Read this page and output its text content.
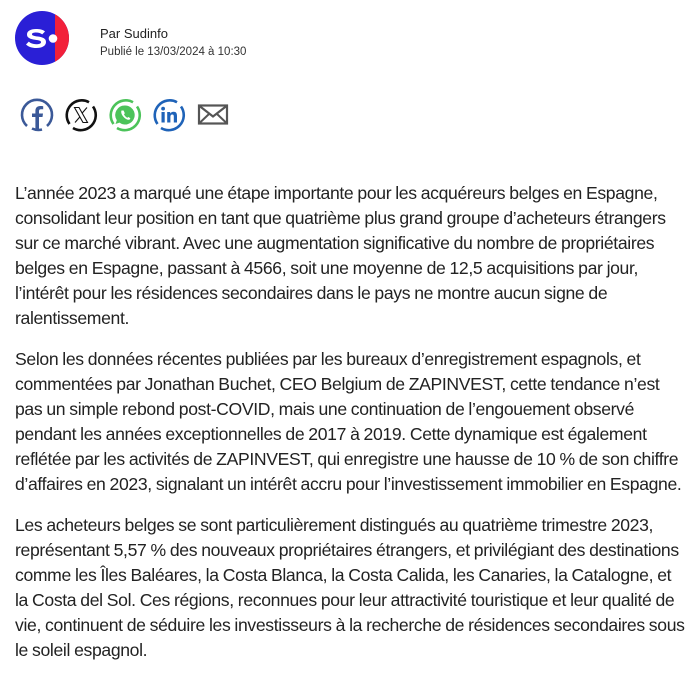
Par Sudinfo
Publié le 13/03/2024 à 10:30

L’année 2023 a marqué une étape importante pour les acquéreurs belges en Espagne, consolidant leur position en tant que quatrième plus grand groupe d’acheteurs étrangers sur ce marché vibrant. Avec une augmentation significative du nombre de propriétaires belges en Espagne, passant à 4566, soit une moyenne de 12,5 acquisitions par jour, l’intérêt pour les résidences secondaires dans le pays ne montre aucun signe de ralentissement.

Selon les données récentes publiées par les bureaux d’enregistrement espagnols, et commentées par Jonathan Buchet, CEO Belgium de ZAPINVEST, cette tendance n’est pas un simple rebond post-COVID, mais une continuation de l’engouement observé pendant les années exceptionnelles de 2017 à 2019. Cette dynamique est également reflétée par les activités de ZAPINVEST, qui enregistre une hausse de 10 % de son chiffre d’affaires en 2023, signalant un intérêt accru pour l’investissement immobilier en Espagne.

Les acheteurs belges se sont particulièrement distingués au quatrième trimestre 2023, représentant 5,57 % des nouveaux propriétaires étrangers, et privilégiant des destinations comme les Îles Baléares, la Costa Blanca, la Costa Calida, les Canaries, la Catalogne, et la Costa del Sol. Ces régions, reconnues pour leur attractivité touristique et leur qualité de vie, continuent de séduire les investisseurs à la recherche de résidences secondaires sous le soleil espagnol.
